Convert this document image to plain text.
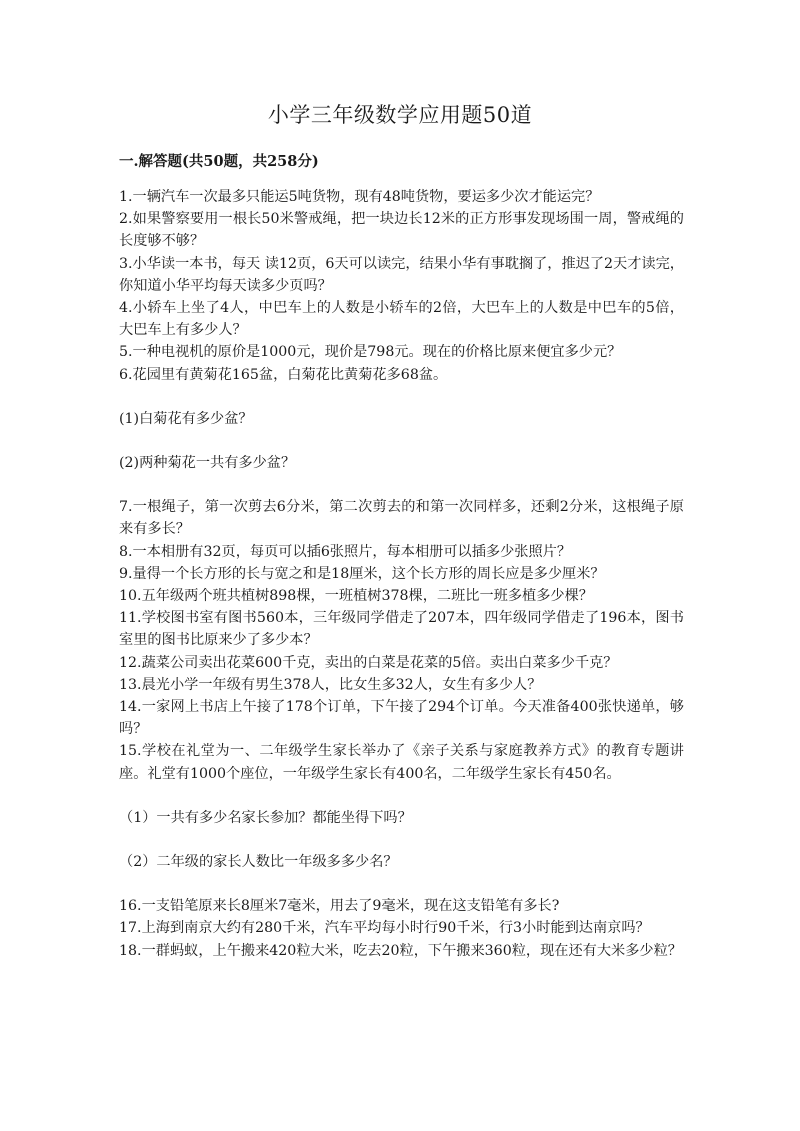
小学三年级数学应用题50道
一.解答题(共50题，共258分)

1.一辆汽车一次最多只能运5吨货物，现有48吨货物，要运多少次才能运完？

2.如果警察要用一根长50米警戒绳，把一块边长12米的正方形事发现场围一周，警戒绳的长度够不够？

3.小华读一本书，每天 读12页，6天可以读完，结果小华有事耽搁了，推迟了2天才读完，你知道小华平均每天读多少页吗？

4.小轿车上坐了4人，中巴车上的人数是小轿车的2倍，大巴车上的人数是中巴车的5倍，大巴车上有多少人？

5.一种电视机的原价是1000元，现价是798元。现在的价格比原来便宜多少元？

6.花园里有黄菊花165盆，白菊花比黄菊花多68盆。

(1)白菊花有多少盆？

(2)两种菊花一共有多少盆？

7.一根绳子，第一次剪去6分米，第二次剪去的和第一次同样多，还剩2分米，这根绳子原来有多长？

8.一本相册有32页，每页可以插6张照片，每本相册可以插多少张照片？

9.量得一个长方形的长与宽之和是18厘米，这个长方形的周长应是多少厘米？

10.五年级两个班共植树898棵，一班植树378棵，二班比一班多植多少棵？

11.学校图书室有图书560本，三年级同学借走了207本，四年级同学借走了196本，图书室里的图书比原来少了多少本？

12.蔬菜公司卖出花菜600千克，卖出的白菜是花菜的5倍。卖出白菜多少千克？

13.晨光小学一年级有男生378人，比女生多32人，女生有多少人？

14.一家网上书店上午接了178个订单，下午接了294个订单。今天准备400张快递单，够吗？

15.学校在礼堂为一、二年级学生家长举办了《亲子关系与家庭教养方式》的教育专题讲座。礼堂有1000个座位，一年级学生家长有400名，二年级学生家长有450名。

（1）一共有多少名家长参加？都能坐得下吗？

（2）二年级的家长人数比一年级多多少名？

16.一支铅笔原来长8厘米7毫米，用去了9毫米，现在这支铅笔有多长?

17.上海到南京大约有280千米，汽车平均每小时行90千米，行3小时能到达南京吗？

18.一群蚂蚁，上午搬来420粒大米，吃去20粒，下午搬来360粒，现在还有大米多少粒？
